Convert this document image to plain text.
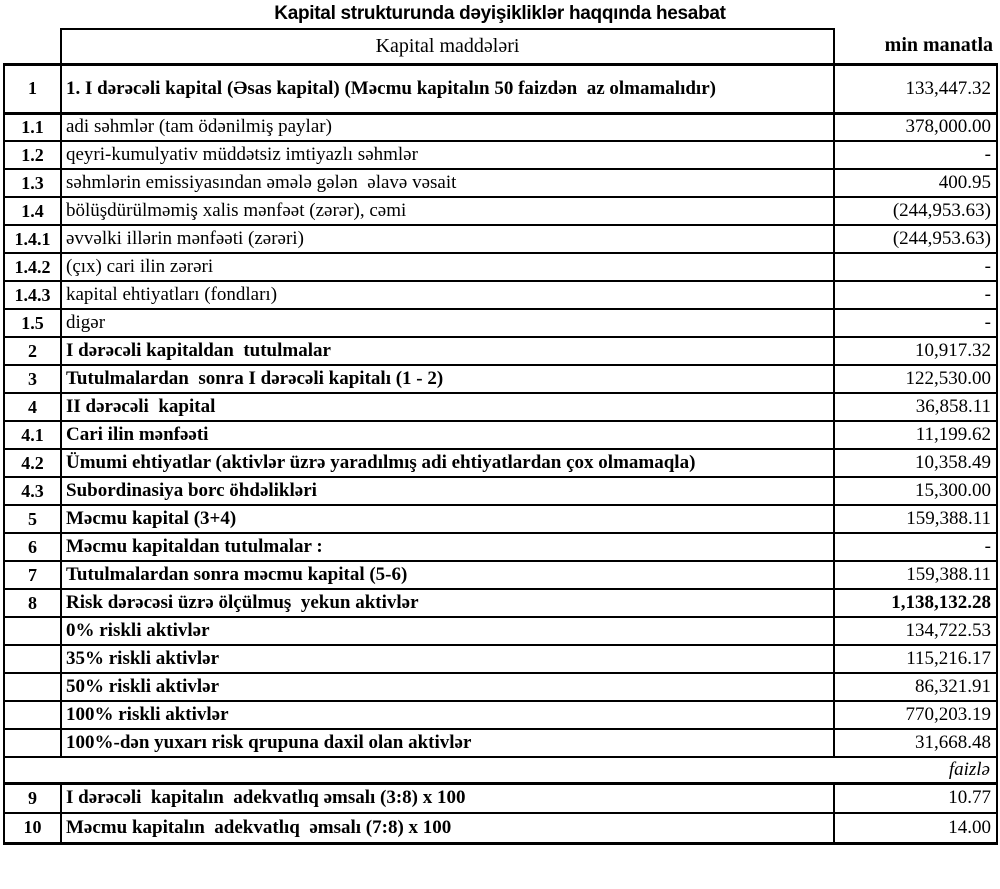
Kapital strukturunda dəyişikliklər haqqında hesabat
	Kapital maddələri	min manatla
1	1. I dərəcəli kapital (Əsas kapital) (Məcmu kapitalın 50 faizdən  az olmamalıdır)	133,447.32
1.1	adi səhmlər (tam ödənilmiş paylar)	378,000.00
1.2	qeyri-kumulyativ müddətsiz imtiyazlı səhmlər	-
1.3	səhmlərin emissiyasından əmələ gələn  əlavə vəsait	400.95
1.4	bölüşdürülməmiş xalis mənfəət (zərər), cəmi	(244,953.63)
1.4.1	əvvəlki illərin mənfəəti (zərəri)	(244,953.63)
1.4.2	(çıx) cari ilin zərəri	-
1.4.3	kapital ehtiyatları (fondları)	-
1.5	digər	-
2	I dərəcəli kapitaldan  tutulmalar	10,917.32
3	Tutulmalardan  sonra I dərəcəli kapitalı (1 - 2)	122,530.00
4	II dərəcəli  kapital	36,858.11
4.1	Cari ilin mənfəəti	11,199.62
4.2	Ümumi ehtiyatlar (aktivlər üzrə yaradılmış adi ehtiyatlardan çox olmamaqla)	10,358.49
4.3	Subordinasiya borc öhdəlikləri	15,300.00
5	Məcmu kapital (3+4)	159,388.11
6	Məcmu kapitaldan tutulmalar :	-
7	Tutulmalardan sonra məcmu kapital (5-6)	159,388.11
8	Risk dərəcəsi üzrə ölçülmuş  yekun aktivlər	1,138,132.28
	0% riskli aktivlər	134,722.53
	35% riskli aktivlər	115,216.17
	50% riskli aktivlər	86,321.91
	100% riskli aktivlər	770,203.19
	100%-dən yuxarı risk qrupuna daxil olan aktivlər	31,668.48
faizlə		
9	I dərəcəli  kapitalın  adekvatlıq əmsalı (3:8) x 100	10.77
10	Məcmu kapitalın  adekvatlıq  əmsalı (7:8) x 100	14.00
